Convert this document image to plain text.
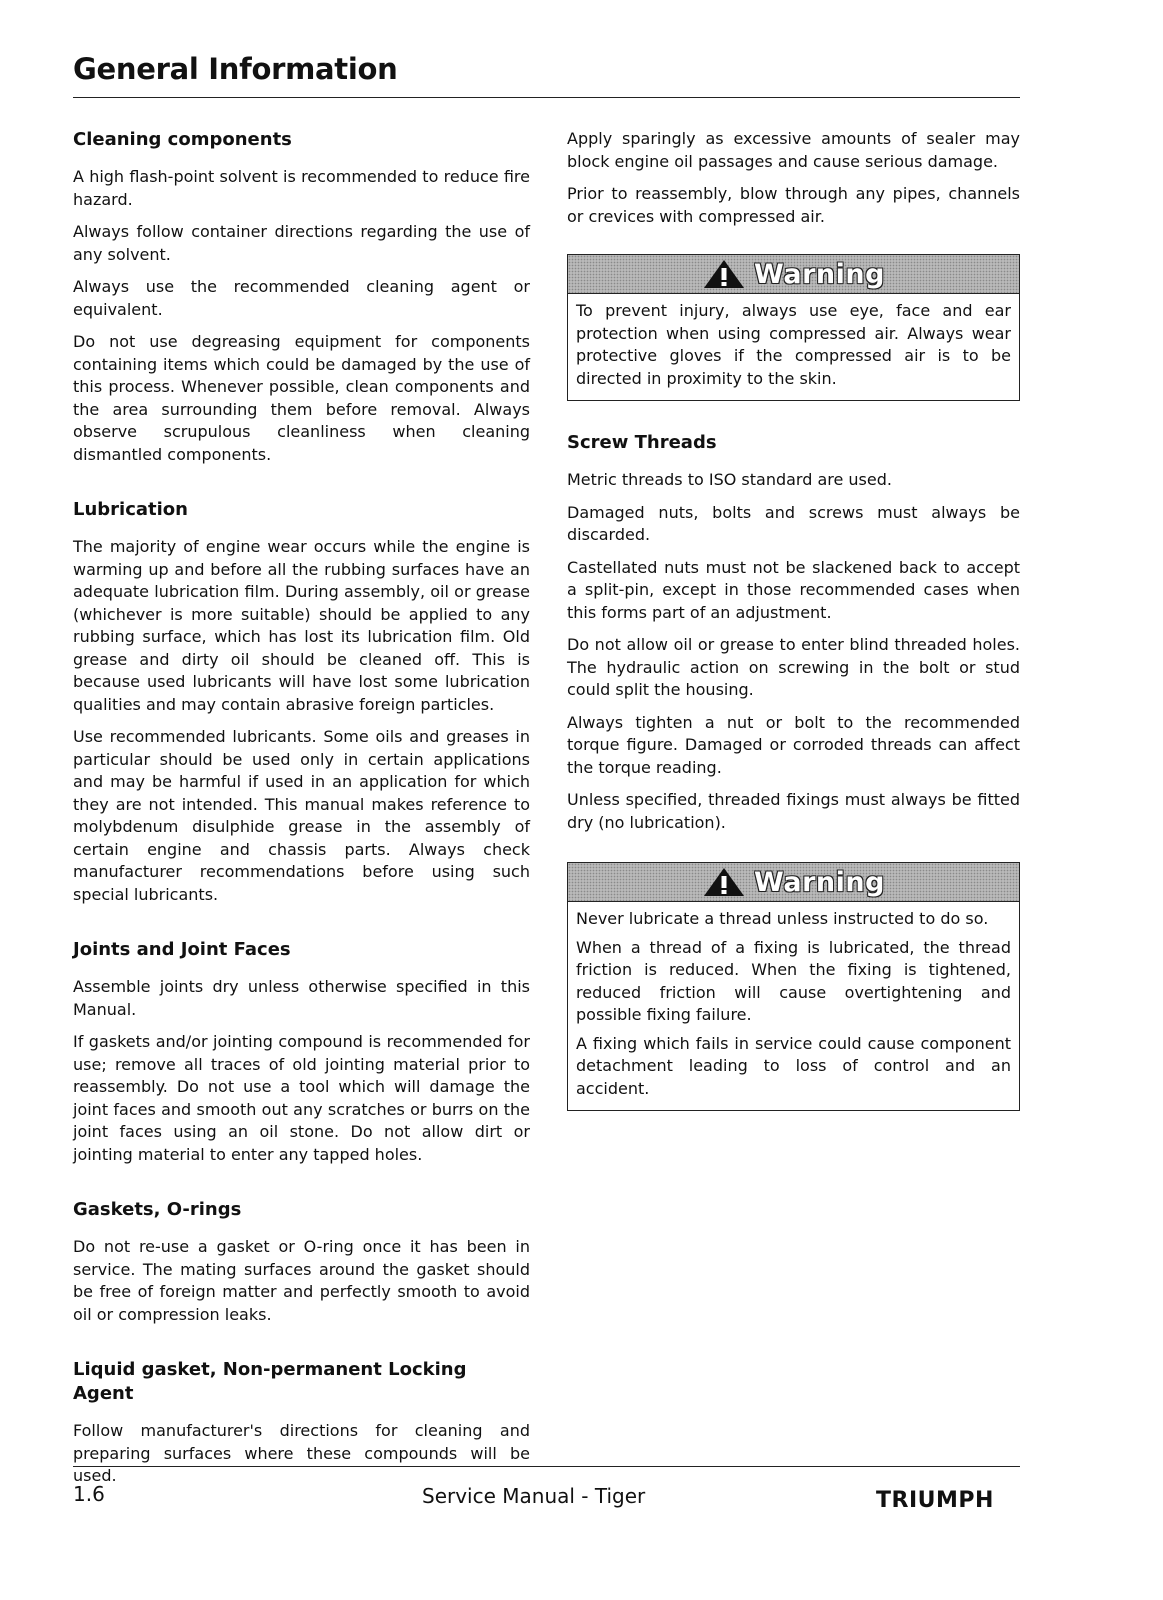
General Information
Cleaning components

A high flash-point solvent is recommended to reduce fire hazard.

Always follow container directions regarding the use of any solvent.

Always use the recommended cleaning agent or equivalent.

Do not use degreasing equipment for components containing items which could be damaged by the use of this process. Whenever possible, clean components and the area surrounding them before removal. Always observe scrupulous cleanliness when cleaning dismantled components.

Lubrication

The majority of engine wear occurs while the engine is warming up and before all the rubbing surfaces have an adequate lubrication film. During assembly, oil or grease (whichever is more suitable) should be applied to any rubbing surface, which has lost its lubrication film. Old grease and dirty oil should be cleaned off. This is because used lubricants will have lost some lubrication qualities and may contain abrasive foreign particles.

Use recommended lubricants. Some oils and greases in particular should be used only in certain applications and may be harmful if used in an application for which they are not intended. This manual makes reference to molybdenum disulphide grease in the assembly of certain engine and chassis parts. Always check manufacturer recommendations before using such special lubricants.

Joints and Joint Faces

Assemble joints dry unless otherwise specified in this Manual.

If gaskets and/or jointing compound is recommended for use; remove all traces of old jointing material prior to reassembly. Do not use a tool which will damage the joint faces and smooth out any scratches or burrs on the joint faces using an oil stone. Do not allow dirt or jointing material to enter any tapped holes.

Gaskets, O-rings

Do not re-use a gasket or O-ring once it has been in service. The mating surfaces around the gasket should be free of foreign matter and perfectly smooth to avoid oil or compression leaks.

Liquid gasket, Non-permanent Locking Agent

Follow manufacturer's directions for cleaning and preparing surfaces where these compounds will be used.

Apply sparingly as excessive amounts of sealer may block engine oil passages and cause serious damage.

Prior to reassembly, blow through any pipes, channels or crevices with compressed air.

Warning

To prevent injury, always use eye, face and ear protection when using compressed air. Always wear protective gloves if the compressed air is to be directed in proximity to the skin.

Screw Threads

Metric threads to ISO standard are used.

Damaged nuts, bolts and screws must always be discarded.

Castellated nuts must not be slackened back to accept a split-pin, except in those recommended cases when this forms part of an adjustment.

Do not allow oil or grease to enter blind threaded holes. The hydraulic action on screwing in the bolt or stud could split the housing.

Always tighten a nut or bolt to the recommended torque figure. Damaged or corroded threads can affect the torque reading.

Unless specified, threaded fixings must always be fitted dry (no lubrication).

Warning

Never lubricate a thread unless instructed to do so.

When a thread of a fixing is lubricated, the thread friction is reduced. When the fixing is tightened, reduced friction will cause overtightening and possible fixing failure.

A fixing which fails in service could cause component detachment leading to loss of control and an accident.

1.6	Service Manual - Tiger	TRIUMPH
